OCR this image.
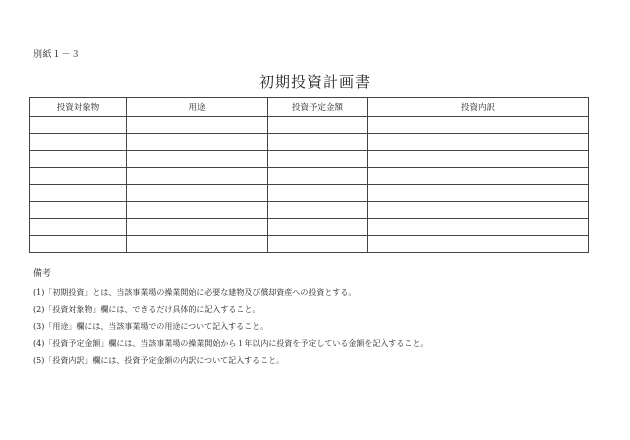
別紙１－３
初期投資計画書
投資対象物	用途	投資予定金額	投資内訳

備考
(1)「初期投資」とは、当該事業場の操業開始に必要な建物及び償却資産への投資とする。
(2)「投資対象物」欄には、できるだけ具体的に記入すること。
(3)「用途」欄には、当該事業場での用途について記入すること。
(4)「投資予定金額」欄には、当該事業場の操業開始から１年以内に投資を予定している金額を記入すること。
(5)「投資内訳」欄には、投資予定金額の内訳について記入すること。
